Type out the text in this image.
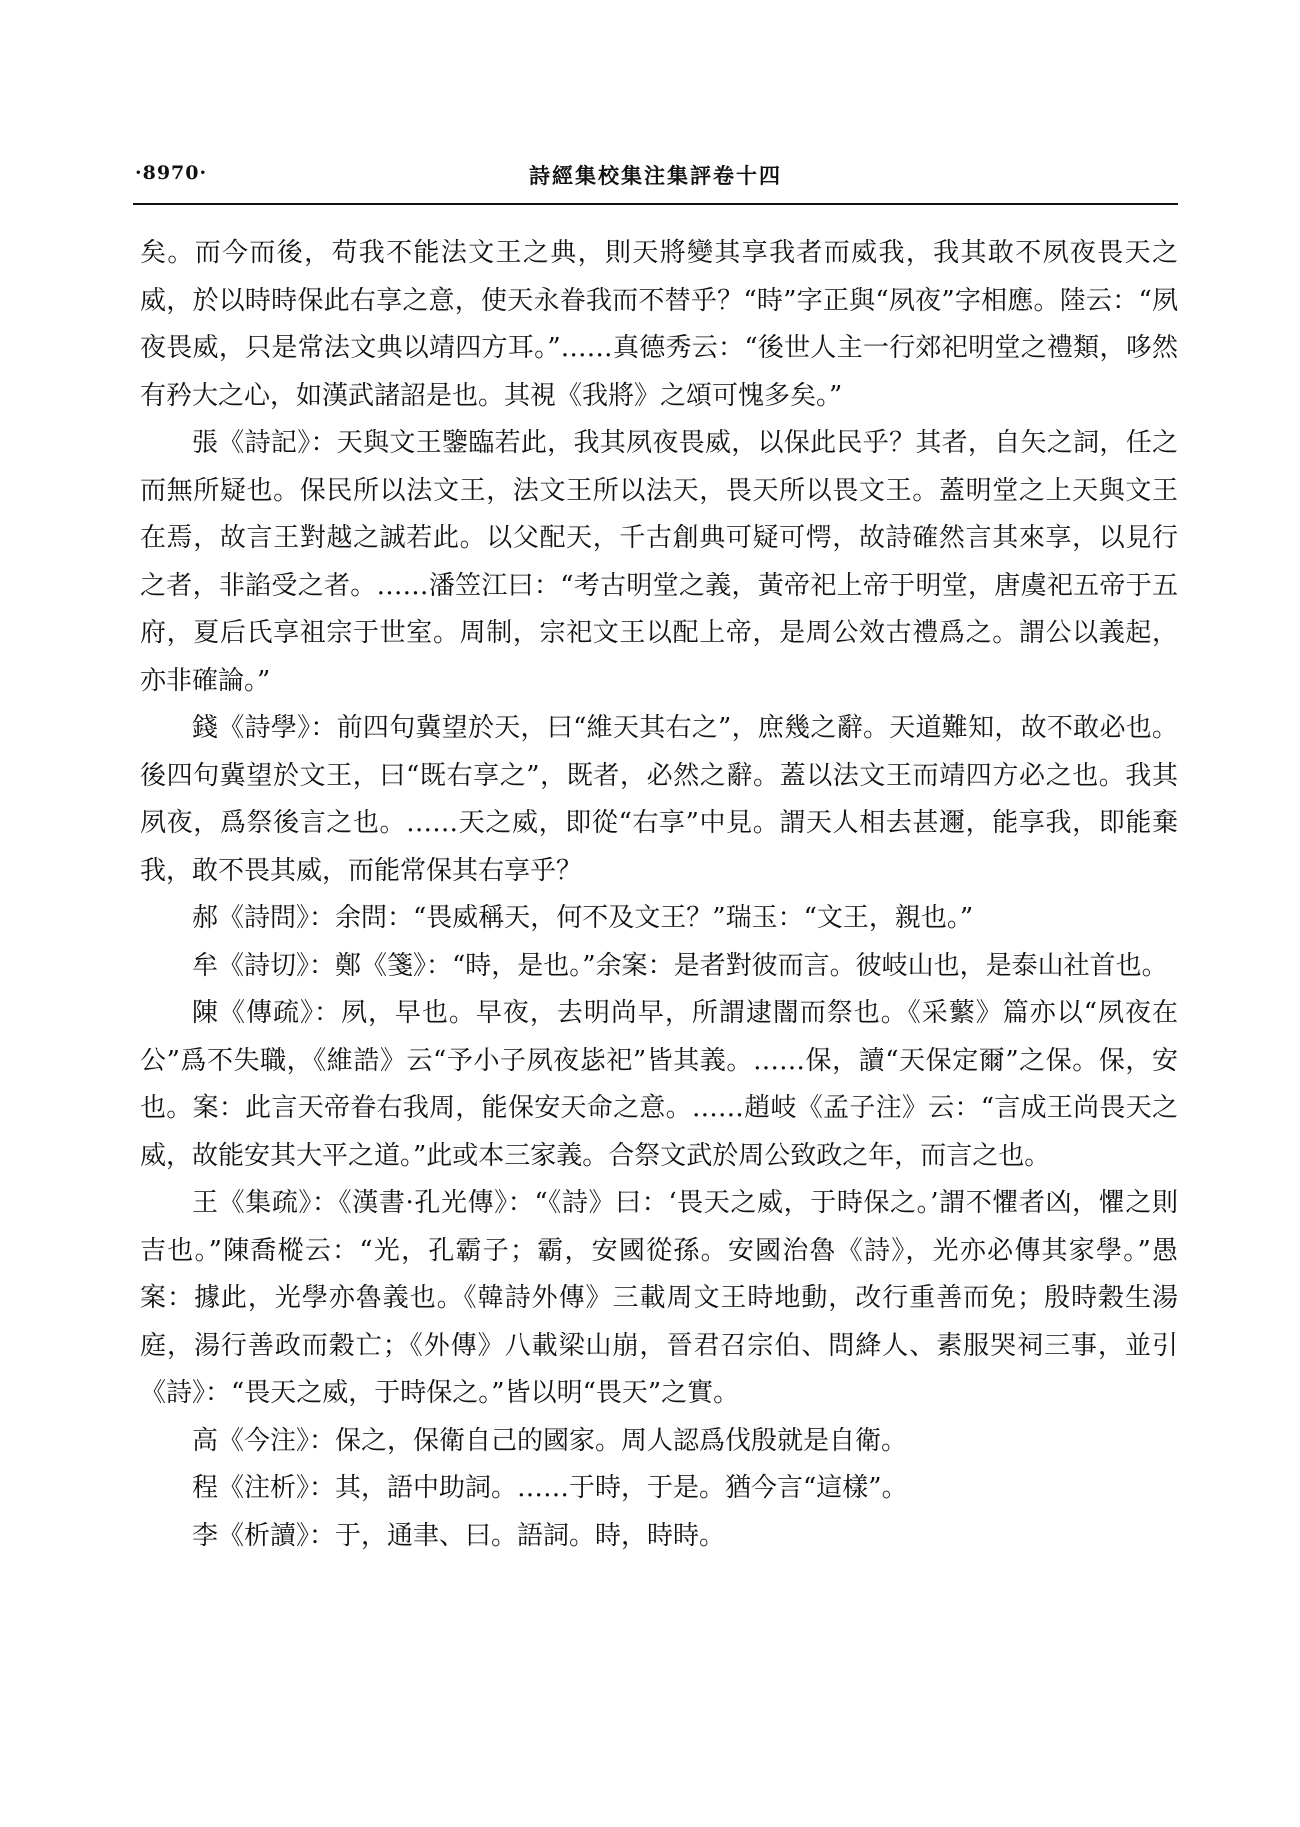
·8970·	詩經集校集注集評卷十四

矣。而今而後，苟我不能法文王之典，則天將變其享我者而威我，我其敢不夙夜畏天之威，於以時時保此右享之意，使天永眷我而不替乎？“時”字正與“夙夜”字相應。陸云：“夙夜畏威，只是常法文典以靖四方耳。”……真德秀云：“後世人主一行郊祀明堂之禮類，哆然有矜大之心，如漢武諸詔是也。其視《我將》之頌可愧多矣。”

張《詩記》：天與文王鑒臨若此，我其夙夜畏威，以保此民乎？其者，自矢之詞，任之而無所疑也。保民所以法文王，法文王所以法天，畏天所以畏文王。蓋明堂之上天與文王在焉，故言王對越之誠若此。以父配天，千古創典可疑可愕，故詩確然言其來享，以見行之者，非諂受之者。……潘笠江曰：“考古明堂之義，黃帝祀上帝于明堂，唐虞祀五帝于五府，夏后氏享祖宗于世室。周制，宗祀文王以配上帝，是周公效古禮爲之。謂公以義起，亦非確論。”

錢《詩學》：前四句冀望於天，曰“維天其右之”，庶幾之辭。天道難知，故不敢必也。後四句冀望於文王，曰“既右享之”，既者，必然之辭。蓋以法文王而靖四方必之也。我其夙夜，爲祭後言之也。……天之威，即從“右享”中見。謂天人相去甚邇，能享我，即能棄我，敢不畏其威，而能常保其右享乎？

郝《詩問》：余問：“畏威稱天，何不及文王？”瑞玉：“文王，親也。”

牟《詩切》：鄭《箋》：“時，是也。”余案：是者對彼而言。彼岐山也，是泰山社首也。

陳《傳疏》：夙，早也。早夜，去明尚早，所謂逮闇而祭也。《采蘩》篇亦以“夙夜在公”爲不失職，《維誥》云“予小子夙夜毖祀”皆其義。……保，讀“天保定爾”之保。保，安也。案：此言天帝眷右我周，能保安天命之意。……趙岐《孟子注》云：“言成王尚畏天之威，故能安其大平之道。”此或本三家義。合祭文武於周公致政之年，而言之也。

王《集疏》：《漢書·孔光傳》：“《詩》曰：‘畏天之威，于時保之。’謂不懼者凶，懼之則吉也。”陳喬樅云：“光，孔霸子；霸，安國從孫。安國治魯《詩》，光亦必傳其家學。”愚案：據此，光學亦魯義也。《韓詩外傳》三載周文王時地動，改行重善而免；殷時穀生湯庭，湯行善政而穀亡；《外傳》八載梁山崩，晉君召宗伯、問絳人、素服哭祠三事，並引《詩》：“畏天之威，于時保之。”皆以明“畏天”之實。

高《今注》：保之，保衛自己的國家。周人認爲伐殷就是自衛。

程《注析》：其，語中助詞。……于時，于是。猶今言“這樣”。

李《析讀》：于，通聿、曰。語詞。時，時時。
